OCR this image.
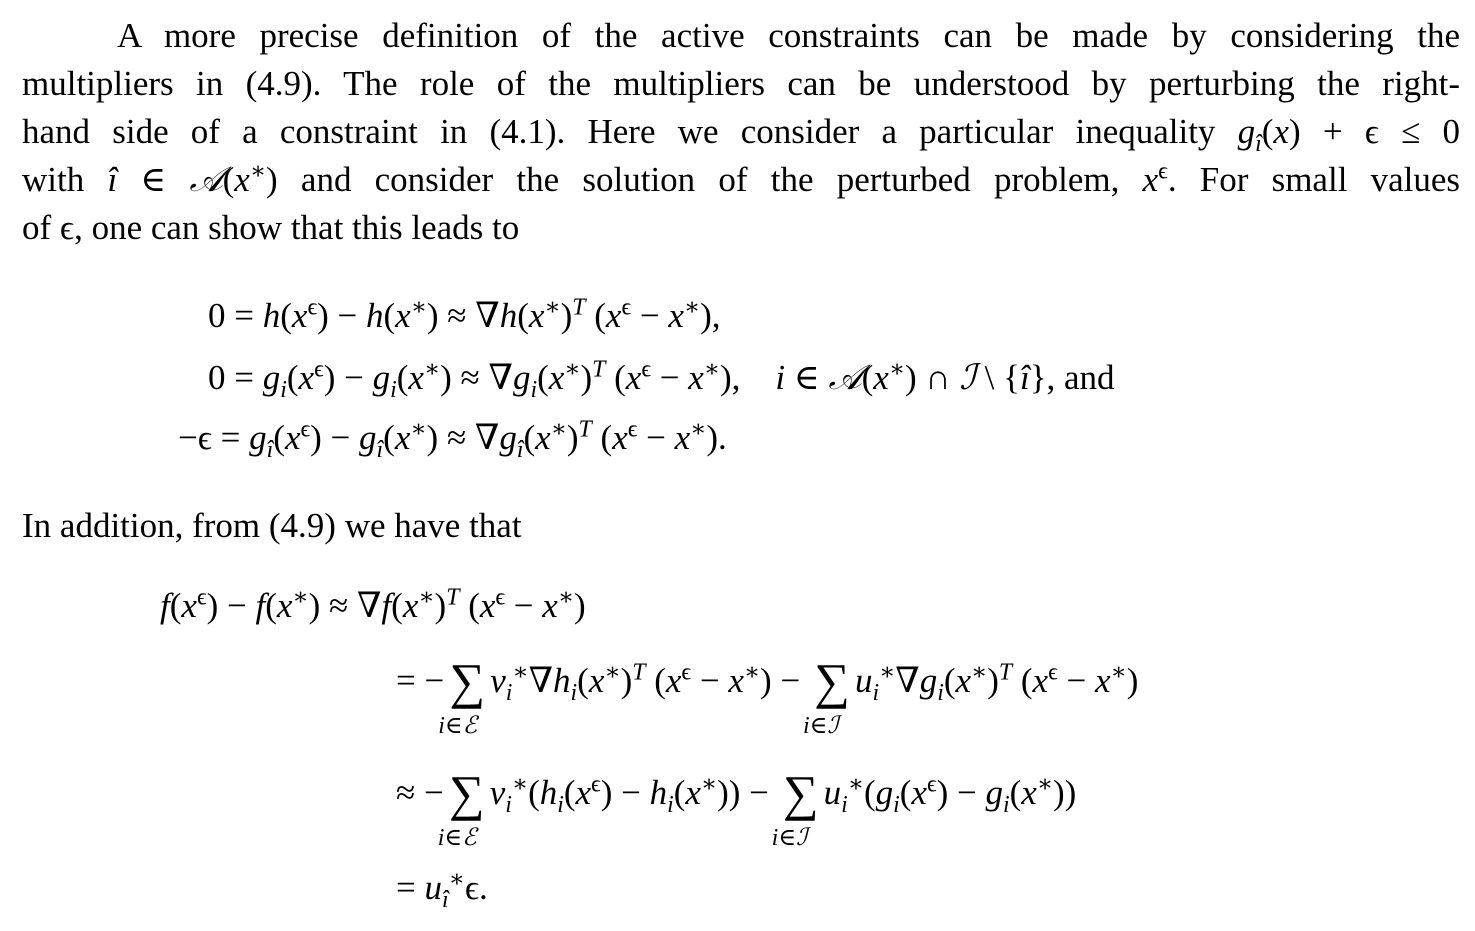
A more precise definition of the active constraints can be made by considering the
multipliers in (4.9). The role of the multipliers can be understood by perturbing the right-
hand side of a constraint in (4.1). Here we consider a particular inequality $g_î(x) + \epsilon \le 0$
with î ∈ 𝒜(x∗) and consider the solution of the perturbed problem, $x^\epsilon$. For small values
of ϵ, one can show that this leads to
$0 = h(x^\epsilon) - h(x^∗) \approx \nabla h(x^∗)^T$ $(x^\epsilon - x^∗)$,
$0 = g_i(x^\epsilon) - g_i(x^∗) \approx \nabla g_i(x^∗)^T$ $(x^\epsilon - x^∗)$,    i ∈ 𝒜(x∗) ∩ ℐ \ {î}, and
$-\epsilon = g_î(x^\epsilon) - g_î(x^∗) \approx \nabla g_î(x^∗)^T$ $(x^\epsilon - x^∗)$.
In addition, from (4.9) we have that
$f(x^\epsilon) - f(x^∗) \approx \nabla f(x^∗)^T$ $(x^\epsilon - x^∗)$
= − ∑
i∈ℰ
$v_i^∗\nabla h_i(x^∗)^T$ $(x^\epsilon - x^∗)$ − ∑
i∈ℐ
$u_i^∗\nabla g_i(x^∗)^T$ $(x^\epsilon - x^∗)$
≈ − ∑
i∈ℰ
$v_i^∗(h_i(x^\epsilon) - h_i(x^∗))$ − ∑
i∈ℐ
$u_i^∗(g_i(x^\epsilon) - g_i(x^∗))$
= $u_î^∗\epsilon$.
